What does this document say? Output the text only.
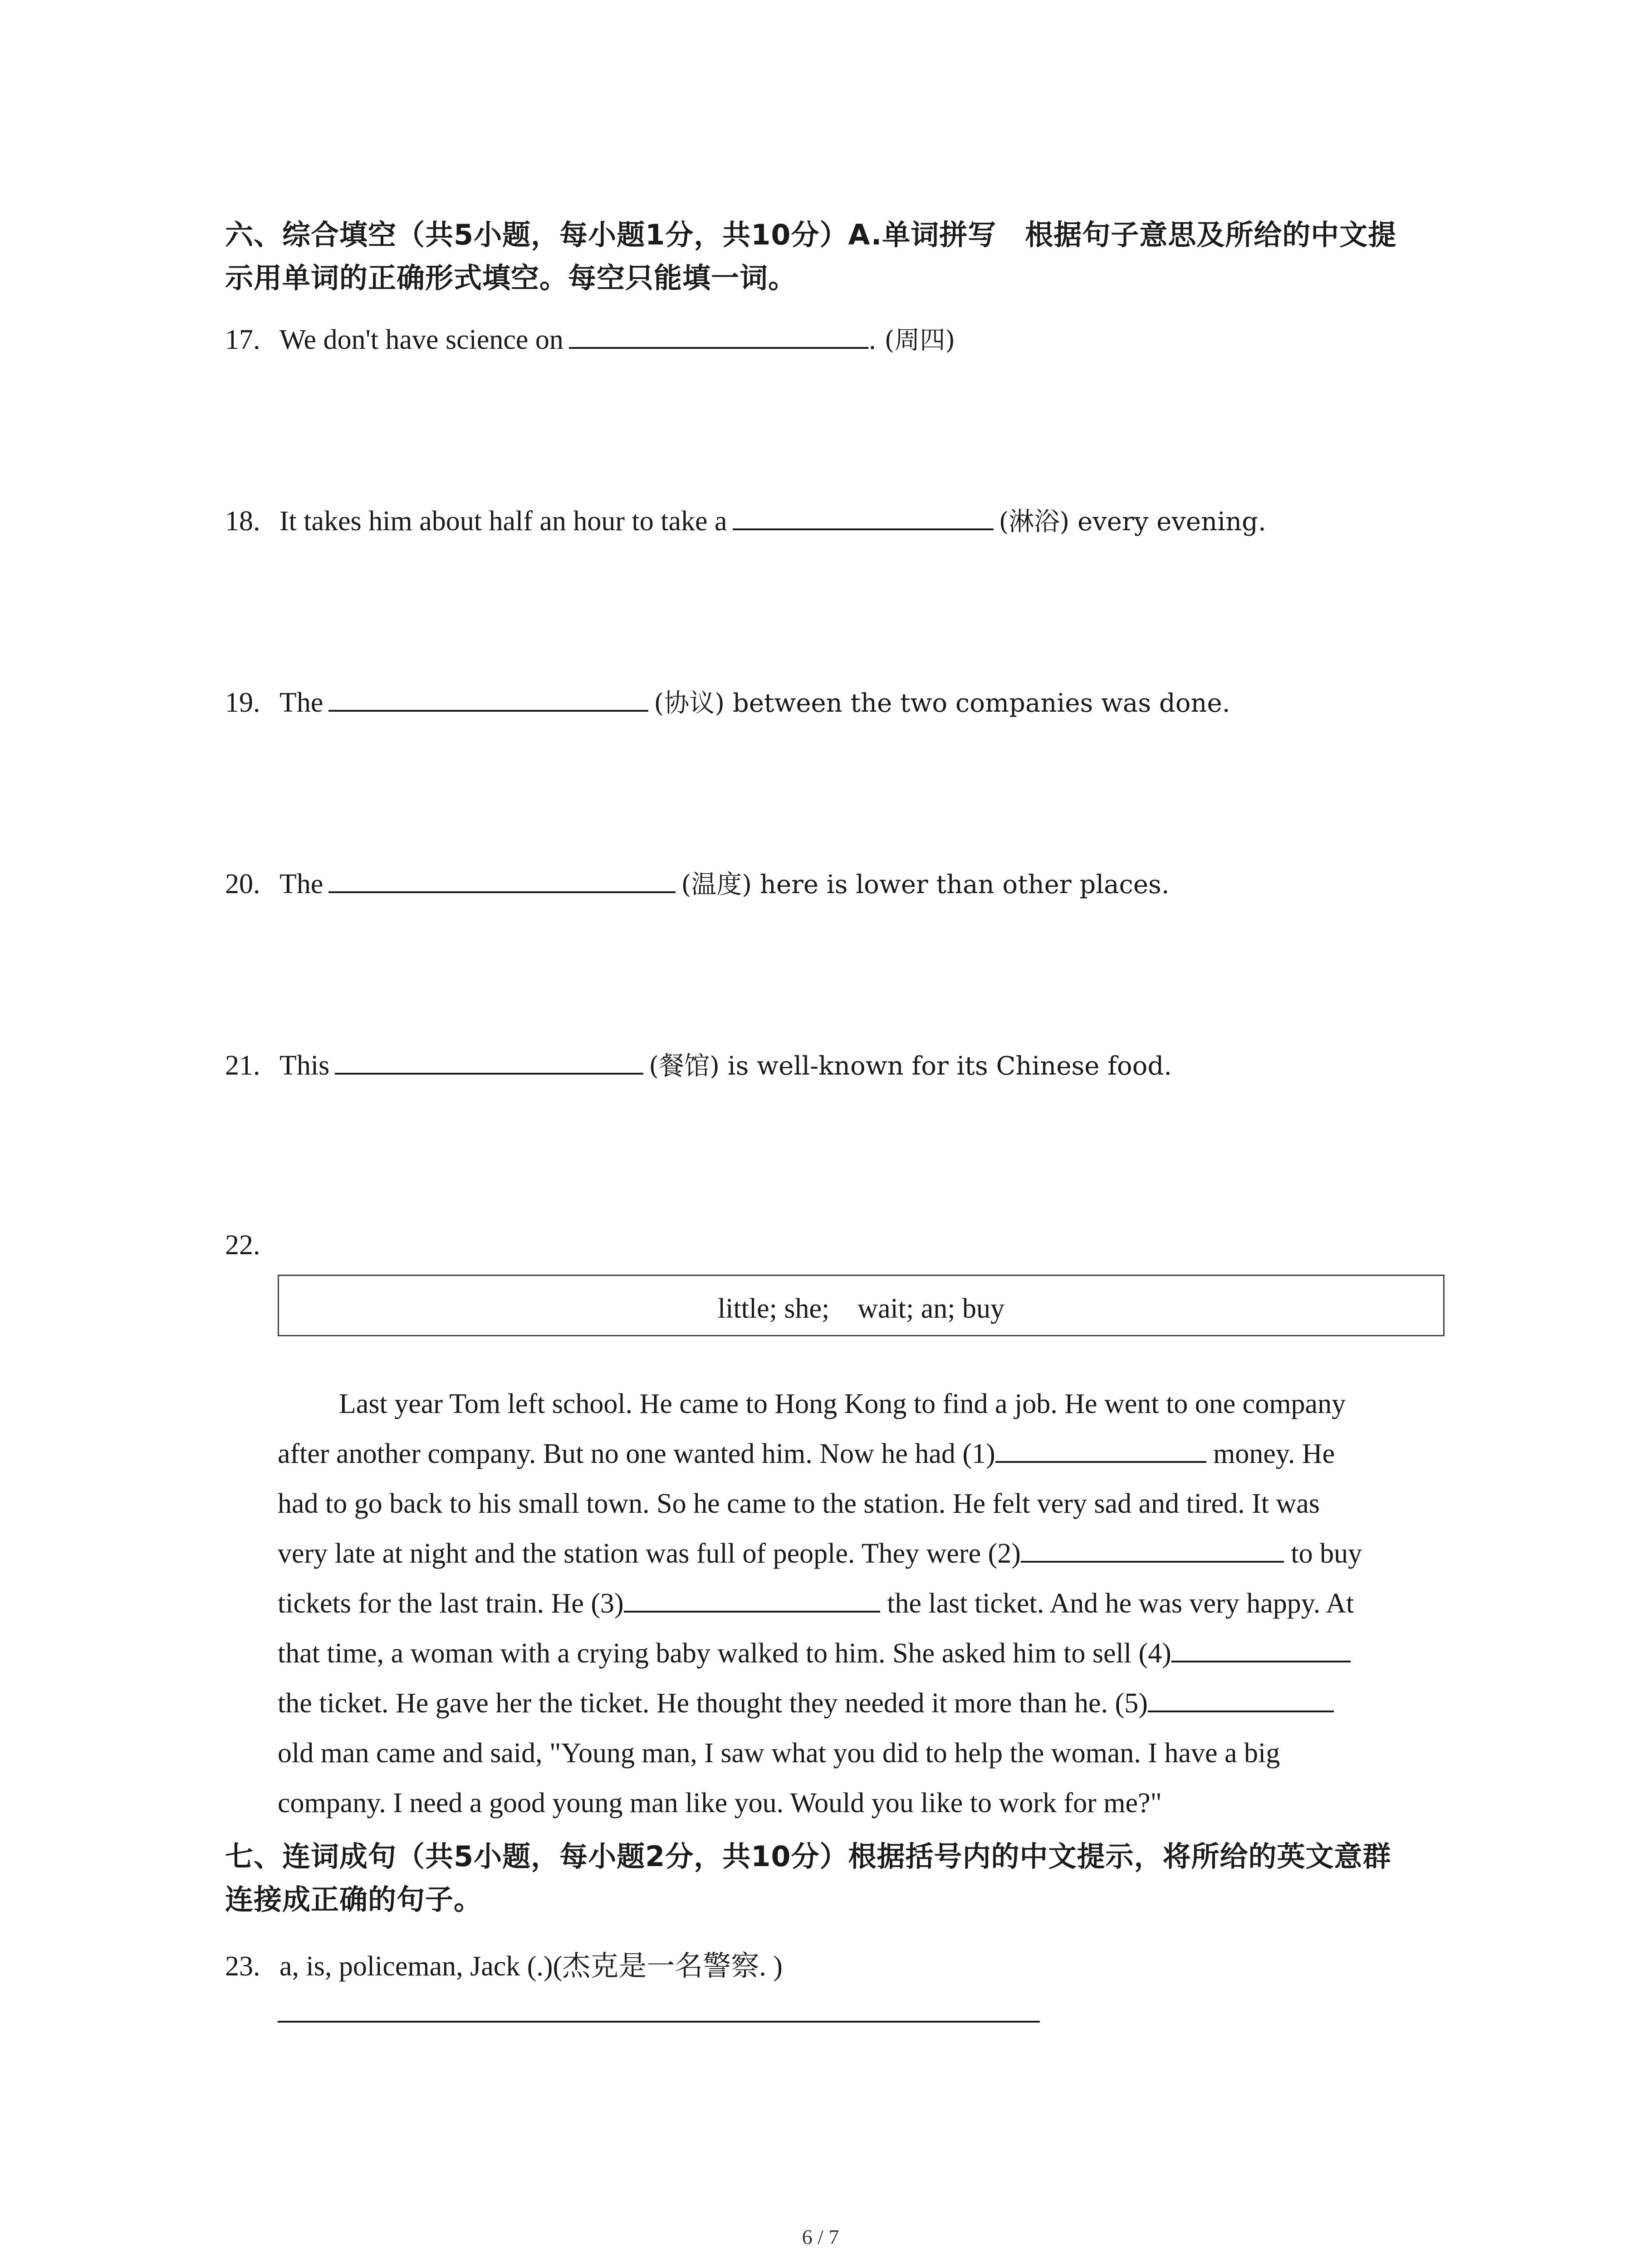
六、综合填空（共5小题，每小题1分，共10分）A.单词拼写　根据句子意思及所给的中文提

示用单词的正确形式填空。每空只能填一词。

17. We don't have science on	. (周四)
18. It takes him about half an hour to take a	(淋浴) every evening.
19. The	(协议) between the two companies was done.
20. The	(温度) here is lower than other places.
21. This	(餐馆) is well-known for its Chinese food.
22.
little; she;　wait; an; buy
Last year Tom left school. He came to Hong Kong to find a job. He went to one company
after another company. But no one wanted him. Now he had (1)	money. He
had to go back to his small town. So he came to the station. He felt very sad and tired. It was
very late at night and the station was full of people. They were (2)	to buy
tickets for the last train. He (3)	the last ticket. And he was very happy. At
that time, a woman with a crying baby walked to him. She asked him to sell (4)
the ticket. He gave her the ticket. He thought they needed it more than he. (5)
old man came and said, "Young man, I saw what you did to help the woman. I have a big
company. I need a good young man like you. Would you like to work for me?"

七、连词成句（共5小题，每小题2分，共10分）根据括号内的中文提示，将所给的英文意群

连接成正确的句子。

23. a, is, policeman, Jack (.)(杰克是一名警察. )
6 / 7
